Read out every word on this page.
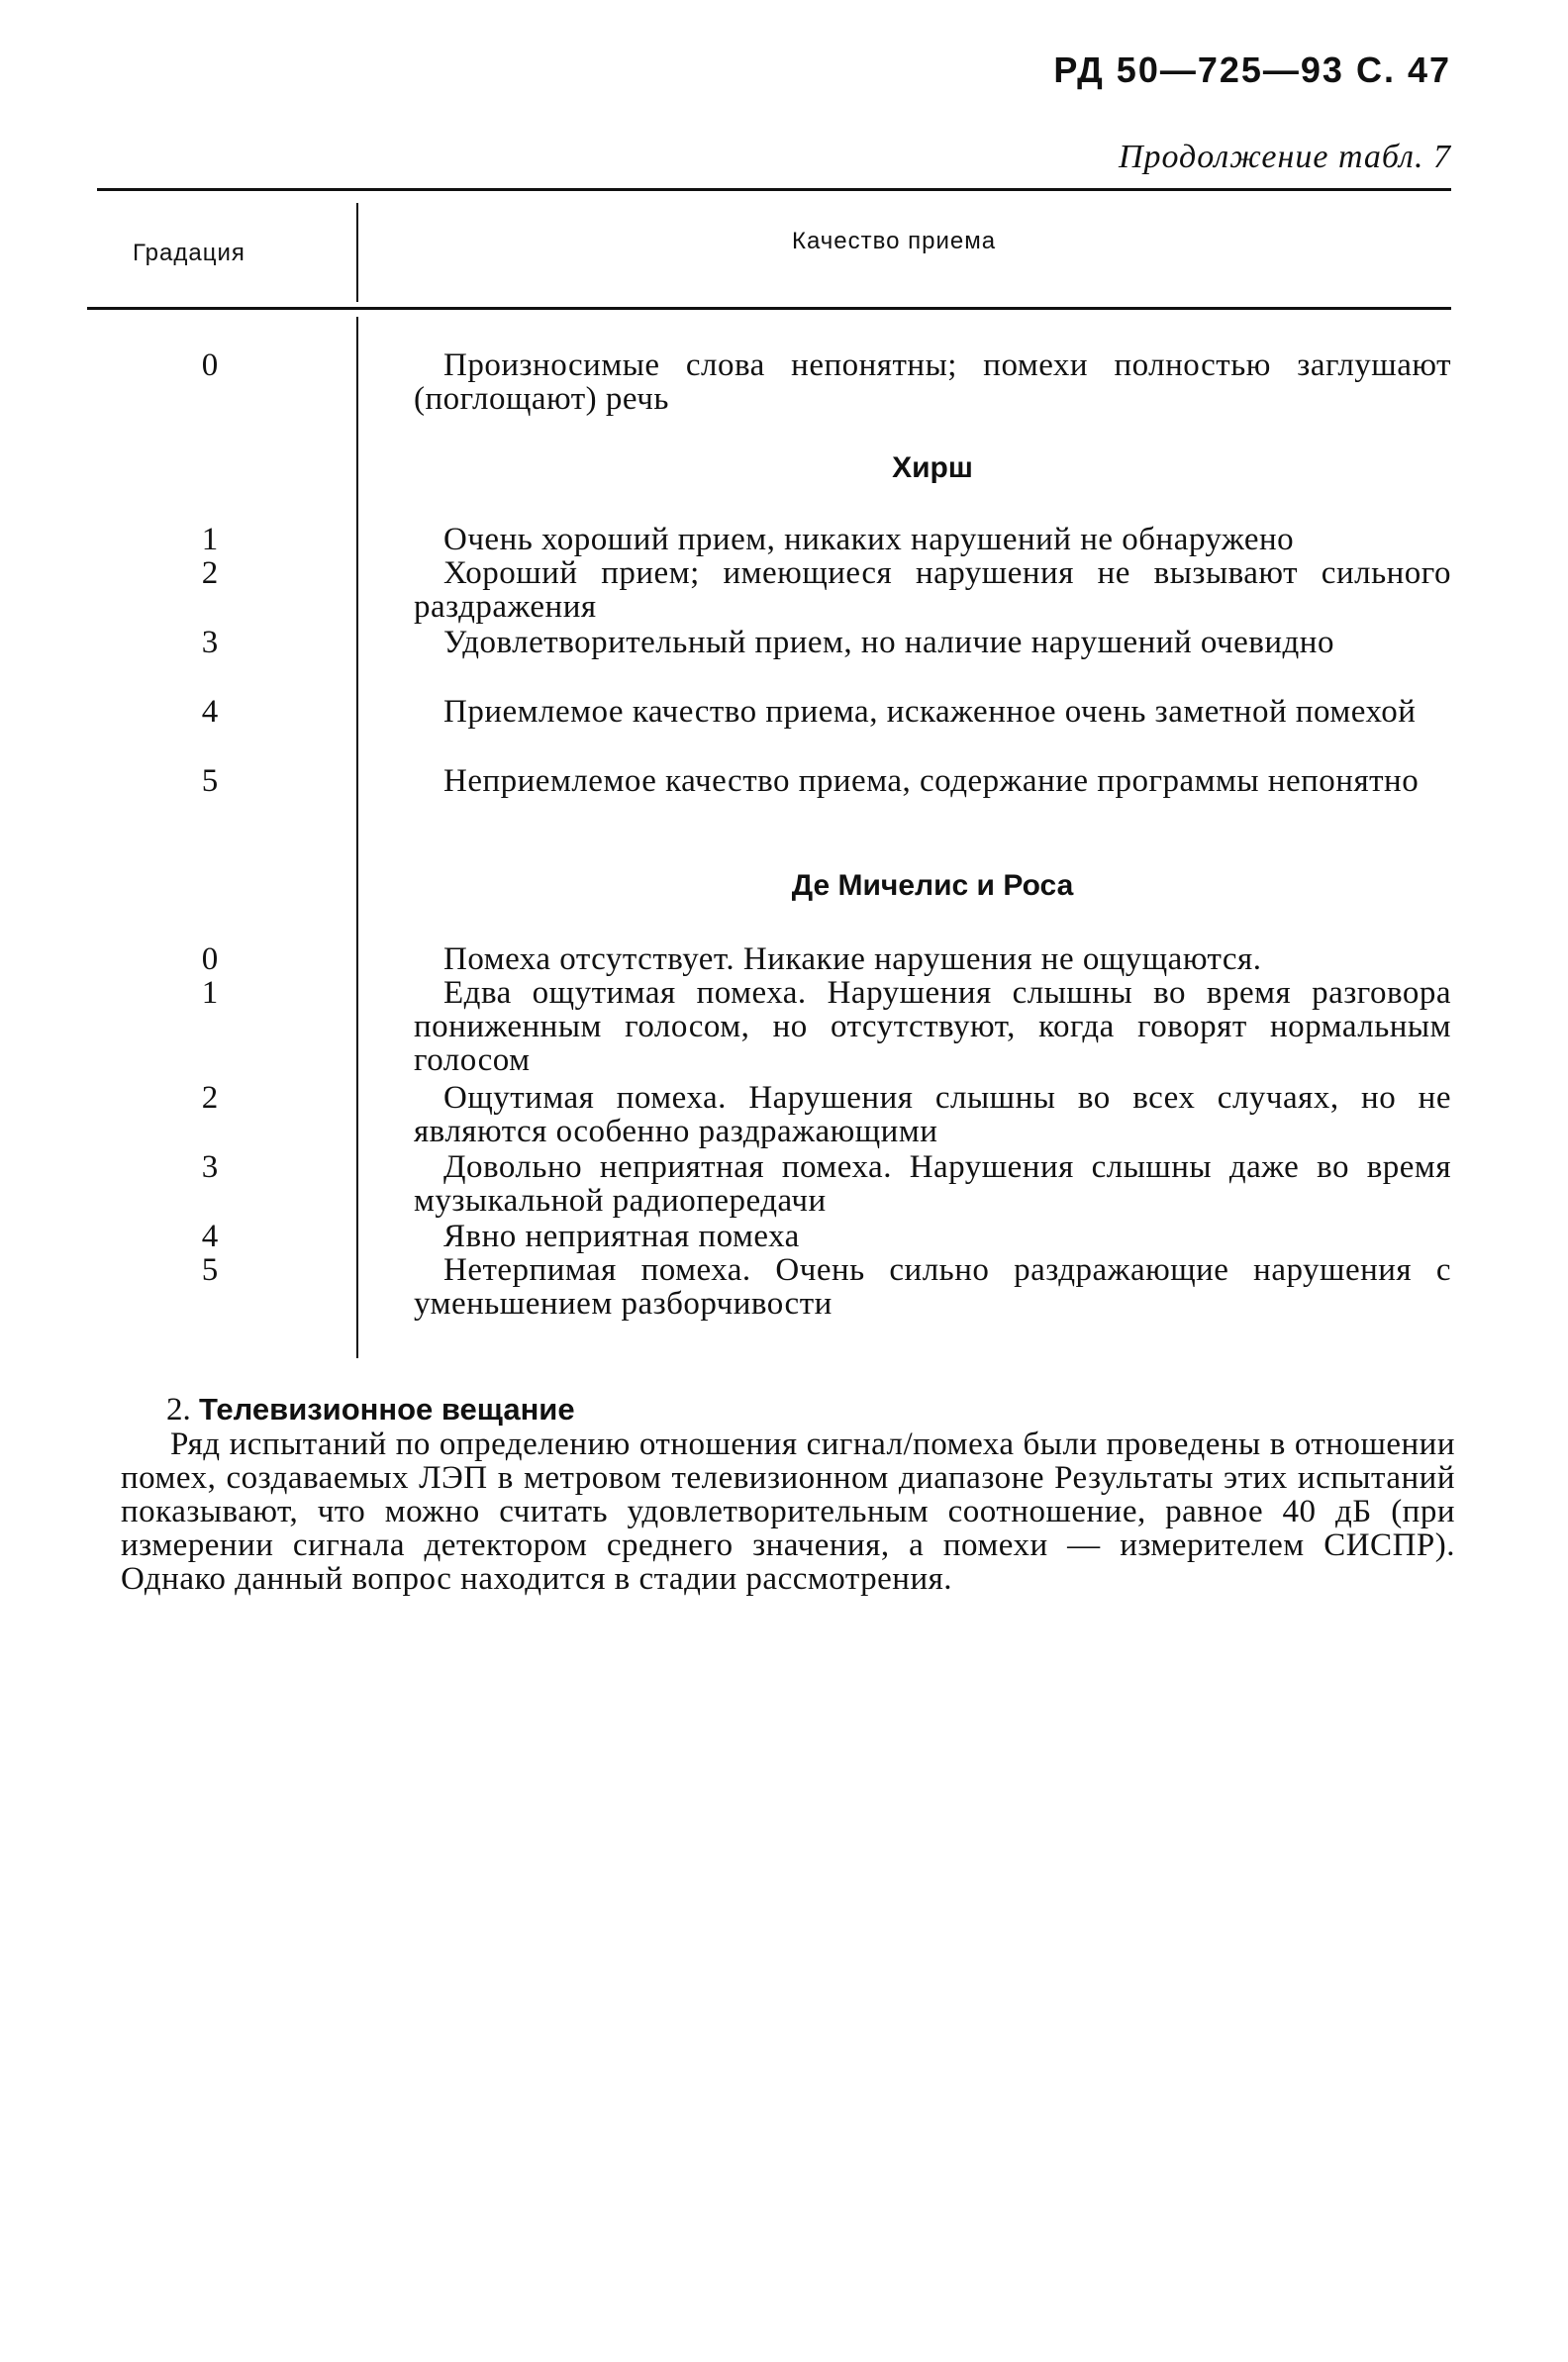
РД 50—725—93 С. 47
Продолжение табл. 7
Градация	Качество приема
0	Произносимые слова непонятны; помехи полностью заглушают (поглощают) речь
Хирш
1	Очень хороший прием, никаких нарушений не обнаружено
2	Хороший прием; имеющиеся нарушения не вызывают сильного раздражения
3	Удовлетворительный прием, но наличие нарушений очевидно
4	Приемлемое качество приема, искаженное очень заметной помехой
5	Неприемлемое качество приема, содержание программы непонятно
Де Мичелис и Роса
0	Помеха отсутствует. Никакие нарушения не ощущаются.
1	Едва ощутимая помеха. Нарушения слышны во время разговора пониженным голосом, но отсутствуют, когда говорят нормальным голосом
2	Ощутимая помеха. Нарушения слышны во всех случаях, но не являются особенно раздражающими
3	Довольно неприятная помеха. Нарушения слышны даже во время музыкальной радиопередачи
4	Явно неприятная помеха
5	Нетерпимая помеха. Очень сильно раздражающие нарушения с уменьшением разборчивости
2. Телевизионное вещание
Ряд испытаний по определению отношения сигнал/помеха были проведены в отношении помех, создаваемых ЛЭП в метровом телевизионном диапазоне Результаты этих испытаний показывают, что можно считать удовлетворительным соотношение, равное 40 дБ (при измерении сигнала детектором среднего значения, а помехи — измерителем СИСПР). Однако данный вопрос находится в стадии рассмотрения.
